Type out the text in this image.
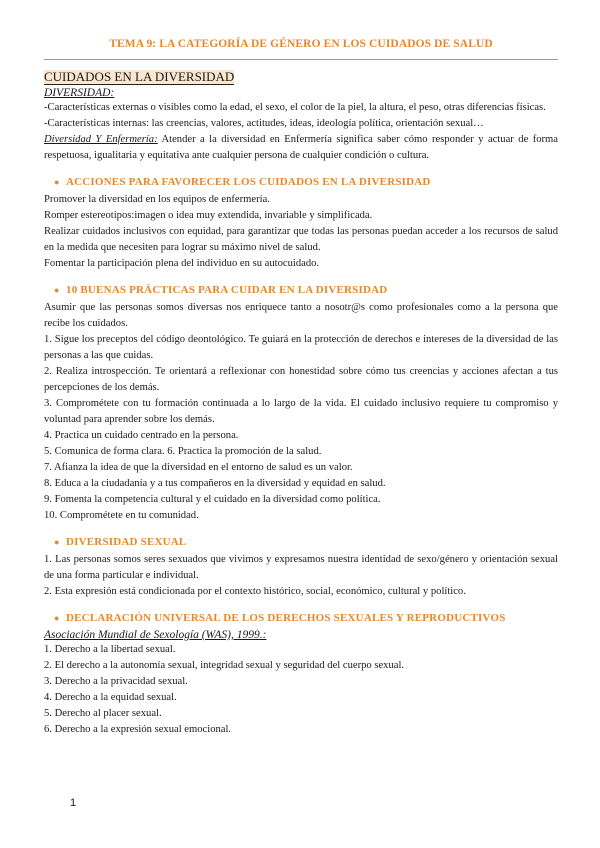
TEMA 9: LA CATEGORÍA DE GÉNERO EN LOS CUIDADOS DE SALUD
CUIDADOS EN LA DIVERSIDAD
DIVERSIDAD:

-Características externas o visibles como la edad, el sexo, el color de la piel, la altura, el peso, otras diferencias físicas.

-Características internas: las creencias, valores, actitudes, ideas, ideología política, orientación sexual…

Diversidad Y Enfermería: Atender a la diversidad en Enfermería significa saber cómo responder y actuar de forma respetuosa, igualitaria y equitativa ante cualquier persona de cualquier condición o cultura.

● ACCIONES PARA FAVORECER LOS CUIDADOS EN LA DIVERSIDAD

Promover la diversidad en los equipos de enfermería.

Romper estereotipos:imagen o idea muy extendida, invariable y simplificada.

Realizar cuidados inclusivos con equidad, para garantizar que todas las personas puedan acceder a los recursos de salud en la medida que necesiten para lograr su máximo nivel de salud.

Fomentar la participación plena del individuo en su autocuidado.

● 10 BUENAS PRÁCTICAS PARA CUIDAR EN LA DIVERSIDAD

Asumir que las personas somos diversas nos enriquece tanto a nosotr@s como profesionales como a la persona que recibe los cuidados.

1. Sigue los preceptos del código deontológico. Te guiará en la protección de derechos e intereses de la diversidad de las personas a las que cuidas.

2. Realiza introspección. Te orientará a reflexionar con honestidad sobre cómo tus creencias y acciones afectan a tus percepciones de los demás.

3. Comprométete con tu formación continuada a lo largo de la vida. El cuidado inclusivo requiere tu compromiso y voluntad para aprender sobre los demás.

4. Practica un cuidado centrado en la persona.

5. Comunica de forma clara. 6. Practica la promoción de la salud.

7. Afianza la idea de que la diversidad en el entorno de salud es un valor.

8. Educa a la ciudadanía y a tus compañeros en la diversidad y equidad en salud.

9. Fomenta la competencia cultural y el cuidado en la diversidad como política.

10. Comprométete en tu comunidad.

● DIVERSIDAD SEXUAL

1. Las personas somos seres sexuados que vivimos y expresamos nuestra identidad de sexo/género y orientación sexual de una forma particular e individual.

2. Esta expresión está condicionada por el contexto histórico, social, económico, cultural y político.

● DECLARACIÓN UNIVERSAL DE LOS DERECHOS SEXUALES Y REPRODUCTIVOS
Asociación Mundial de Sexología (WAS), 1999.:

1. Derecho a la libertad sexual.

2. El derecho a la autonomía sexual, integridad sexual y seguridad del cuerpo sexual.

3. Derecho a la privacidad sexual.

4. Derecho a la equidad sexual.

5. Derecho al placer sexual.

6. Derecho a la expresión sexual emocional.

1
